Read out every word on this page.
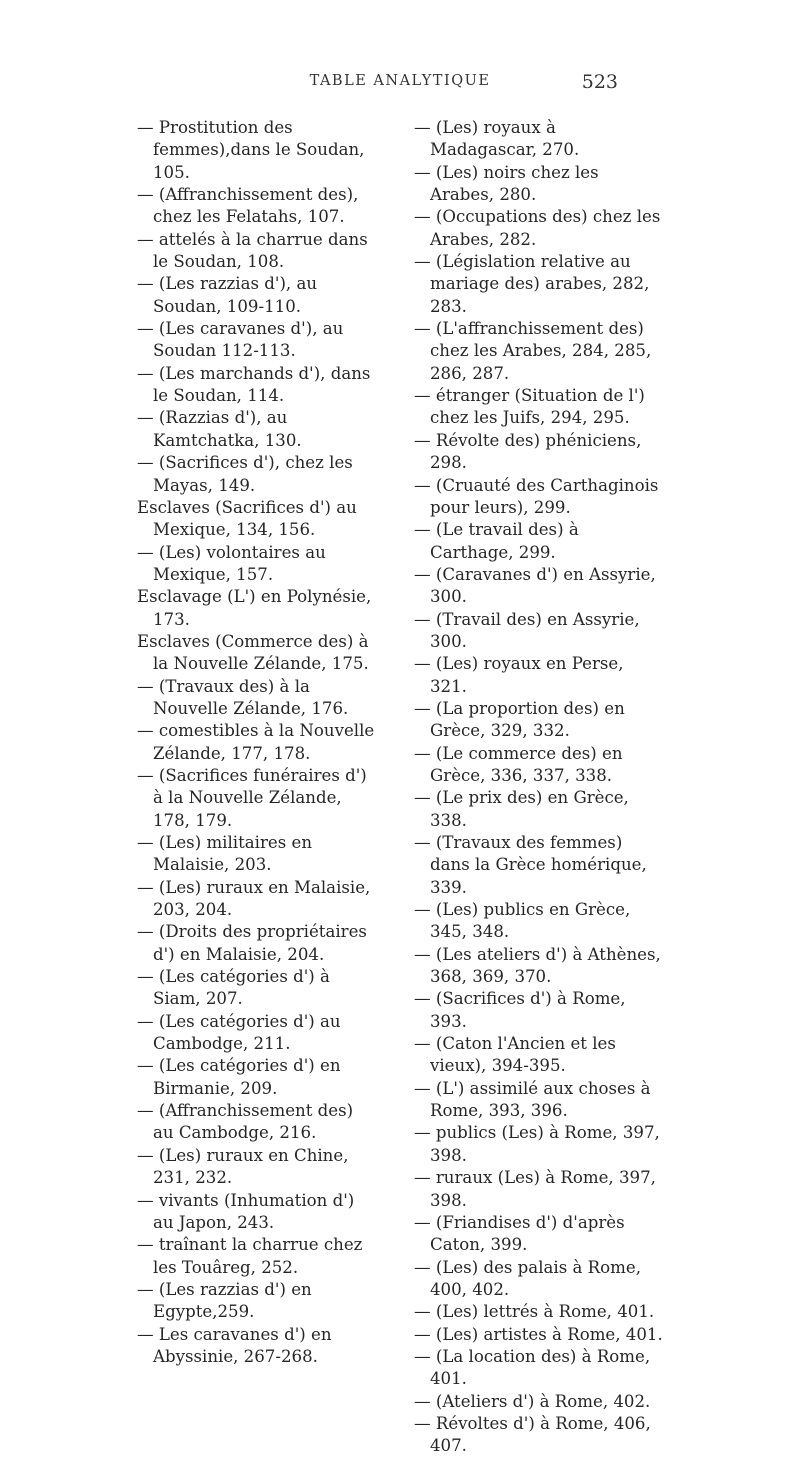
TABLE ANALYTIQUE	523

— Prostitution des femmes),dans le Soudan, 105.

— (Affranchissement des), chez les Felatahs, 107.

— attelés à la charrue dans le Soudan, 108.

— (Les razzias d'), au Soudan, 109-110.

— (Les caravanes d'), au Soudan 112-113.

— (Les marchands d'), dans le Soudan, 114.

— (Razzias d'), au Kamtchatka, 130.

— (Sacrifices d'), chez les Mayas, 149.

Esclaves (Sacrifices d') au Mexique, 134, 156.

— (Les) volontaires au Mexique, 157.

Esclavage (L') en Polynésie, 173.

Esclaves (Commerce des) à la Nouvelle Zélande, 175.

— (Travaux des) à la Nouvelle Zélande, 176.

— comestibles à la Nouvelle Zélande, 177, 178.

— (Sacrifices funéraires d') à la Nouvelle Zélande, 178, 179.

— (Les) militaires en Malaisie, 203.

— (Les) ruraux en Malaisie, 203, 204.

— (Droits des propriétaires d') en Malaisie, 204.

— (Les catégories d') à Siam, 207.

— (Les catégories d') au Cambodge, 211.

— (Les catégories d') en Birmanie, 209.

— (Affranchissement des) au Cambodge, 216.

— (Les) ruraux en Chine, 231, 232.

— vivants (Inhumation d') au Japon, 243.

— traînant la charrue chez les Touâreg, 252.

— (Les razzias d') en Egypte,259.

— Les caravanes d') en Abyssinie, 267-268.

— (Les) royaux à Madagascar, 270.

— (Les) noirs chez les Arabes, 280.

— (Occupations des) chez les Arabes, 282.

— (Législation relative au mariage des) arabes, 282, 283.

— (L'affranchissement des) chez les Arabes, 284, 285, 286, 287.

— étranger (Situation de l') chez les Juifs, 294, 295.

— Révolte des) phéniciens, 298.

— (Cruauté des Carthaginois pour leurs), 299.

— (Le travail des) à Carthage, 299.

— (Caravanes d') en Assyrie, 300.

— (Travail des) en Assyrie, 300.

— (Les) royaux en Perse, 321.

— (La proportion des) en Grèce, 329, 332.

— (Le commerce des) en Grèce, 336, 337, 338.

— (Le prix des) en Grèce, 338.

— (Travaux des femmes) dans la Grèce homérique, 339.

— (Les) publics en Grèce, 345, 348.

— (Les ateliers d') à Athènes, 368, 369, 370.

— (Sacrifices d') à Rome, 393.

— (Caton l'Ancien et les vieux), 394-395.

— (L') assimilé aux choses à Rome, 393, 396.

— publics (Les) à Rome, 397, 398.

— ruraux (Les) à Rome, 397, 398.

— (Friandises d') d'après Caton, 399.

— (Les) des palais à Rome, 400, 402.

— (Les) lettrés à Rome, 401.

— (Les) artistes à Rome, 401.

— (La location des) à Rome, 401.

— (Ateliers d') à Rome, 402.

— Révoltes d') à Rome, 406, 407.
